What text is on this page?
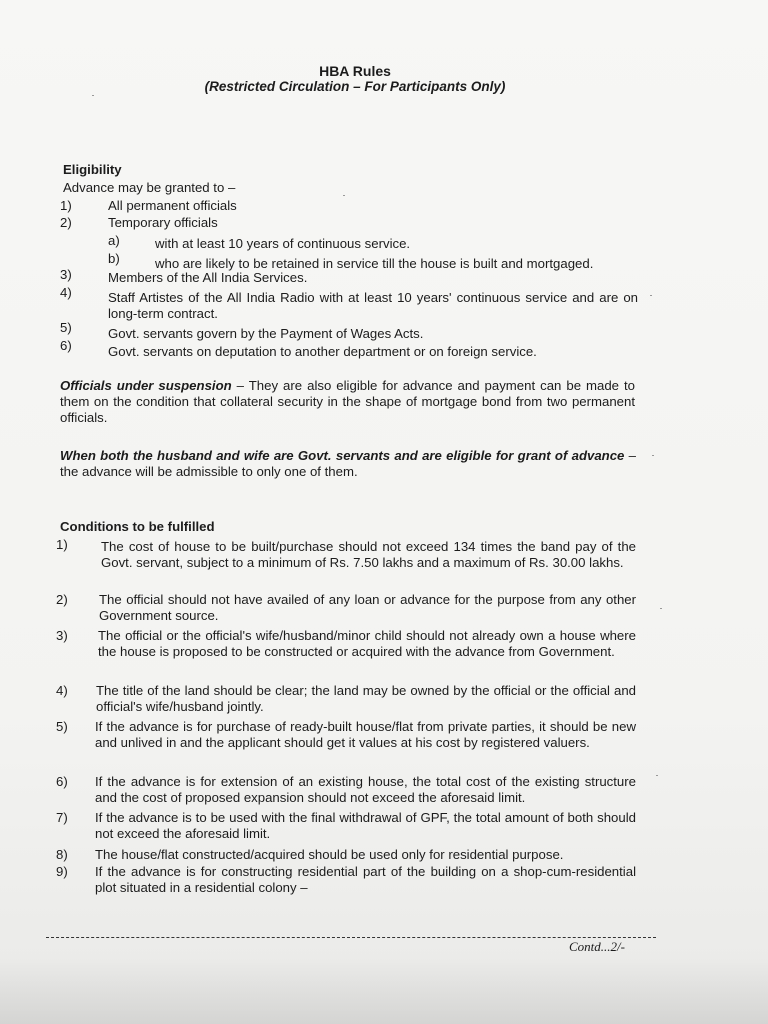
HBA Rules
(Restricted Circulation – For Participants Only)
Eligibility
Advance may be granted to –
1)	All permanent officials
2)	Temporary officials
a)	with at least 10 years of continuous service.
b)	who are likely to be retained in service till the house is built and mortgaged.
3)	Members of the All India Services.
4)	Staff Artistes of the All India Radio with at least 10 years' continuous service and are on long-term contract.
5)	Govt. servants govern by the Payment of Wages Acts.
6)	Govt. servants on deputation to another department or on foreign service.
Officials under suspension – They are also eligible for advance and payment can be made to them on the condition that collateral security in the shape of mortgage bond from two permanent officials.
When both the husband and wife are Govt. servants and are eligible for grant of advance – the advance will be admissible to only one of them.
Conditions to be fulfilled
1)	The cost of house to be built/purchase should not exceed 134 times the band pay of the Govt. servant, subject to a minimum of Rs. 7.50 lakhs and a maximum of Rs. 30.00 lakhs.
2) The official should not have availed of any loan or advance for the purpose from any other Government source.
3) The official or the official's wife/husband/minor child should not already own a house where the house is proposed to be constructed or acquired with the advance from Government.
4) The title of the land should be clear; the land may be owned by the official or the official and official's wife/husband jointly.
5) If the advance is for purchase of ready-built house/flat from private parties, it should be new and unlived in and the applicant should get it values at his cost by registered valuers.
6) If the advance is for extension of an existing house, the total cost of the existing structure and the cost of proposed expansion should not exceed the aforesaid limit.
7) If the advance is to be used with the final withdrawal of GPF, the total amount of both should not exceed the aforesaid limit.
8) The house/flat constructed/acquired should be used only for residential purpose.
9) If the advance is for constructing residential part of the building on a shop-cum-residential plot situated in a residential colony –
Contd...2/-
